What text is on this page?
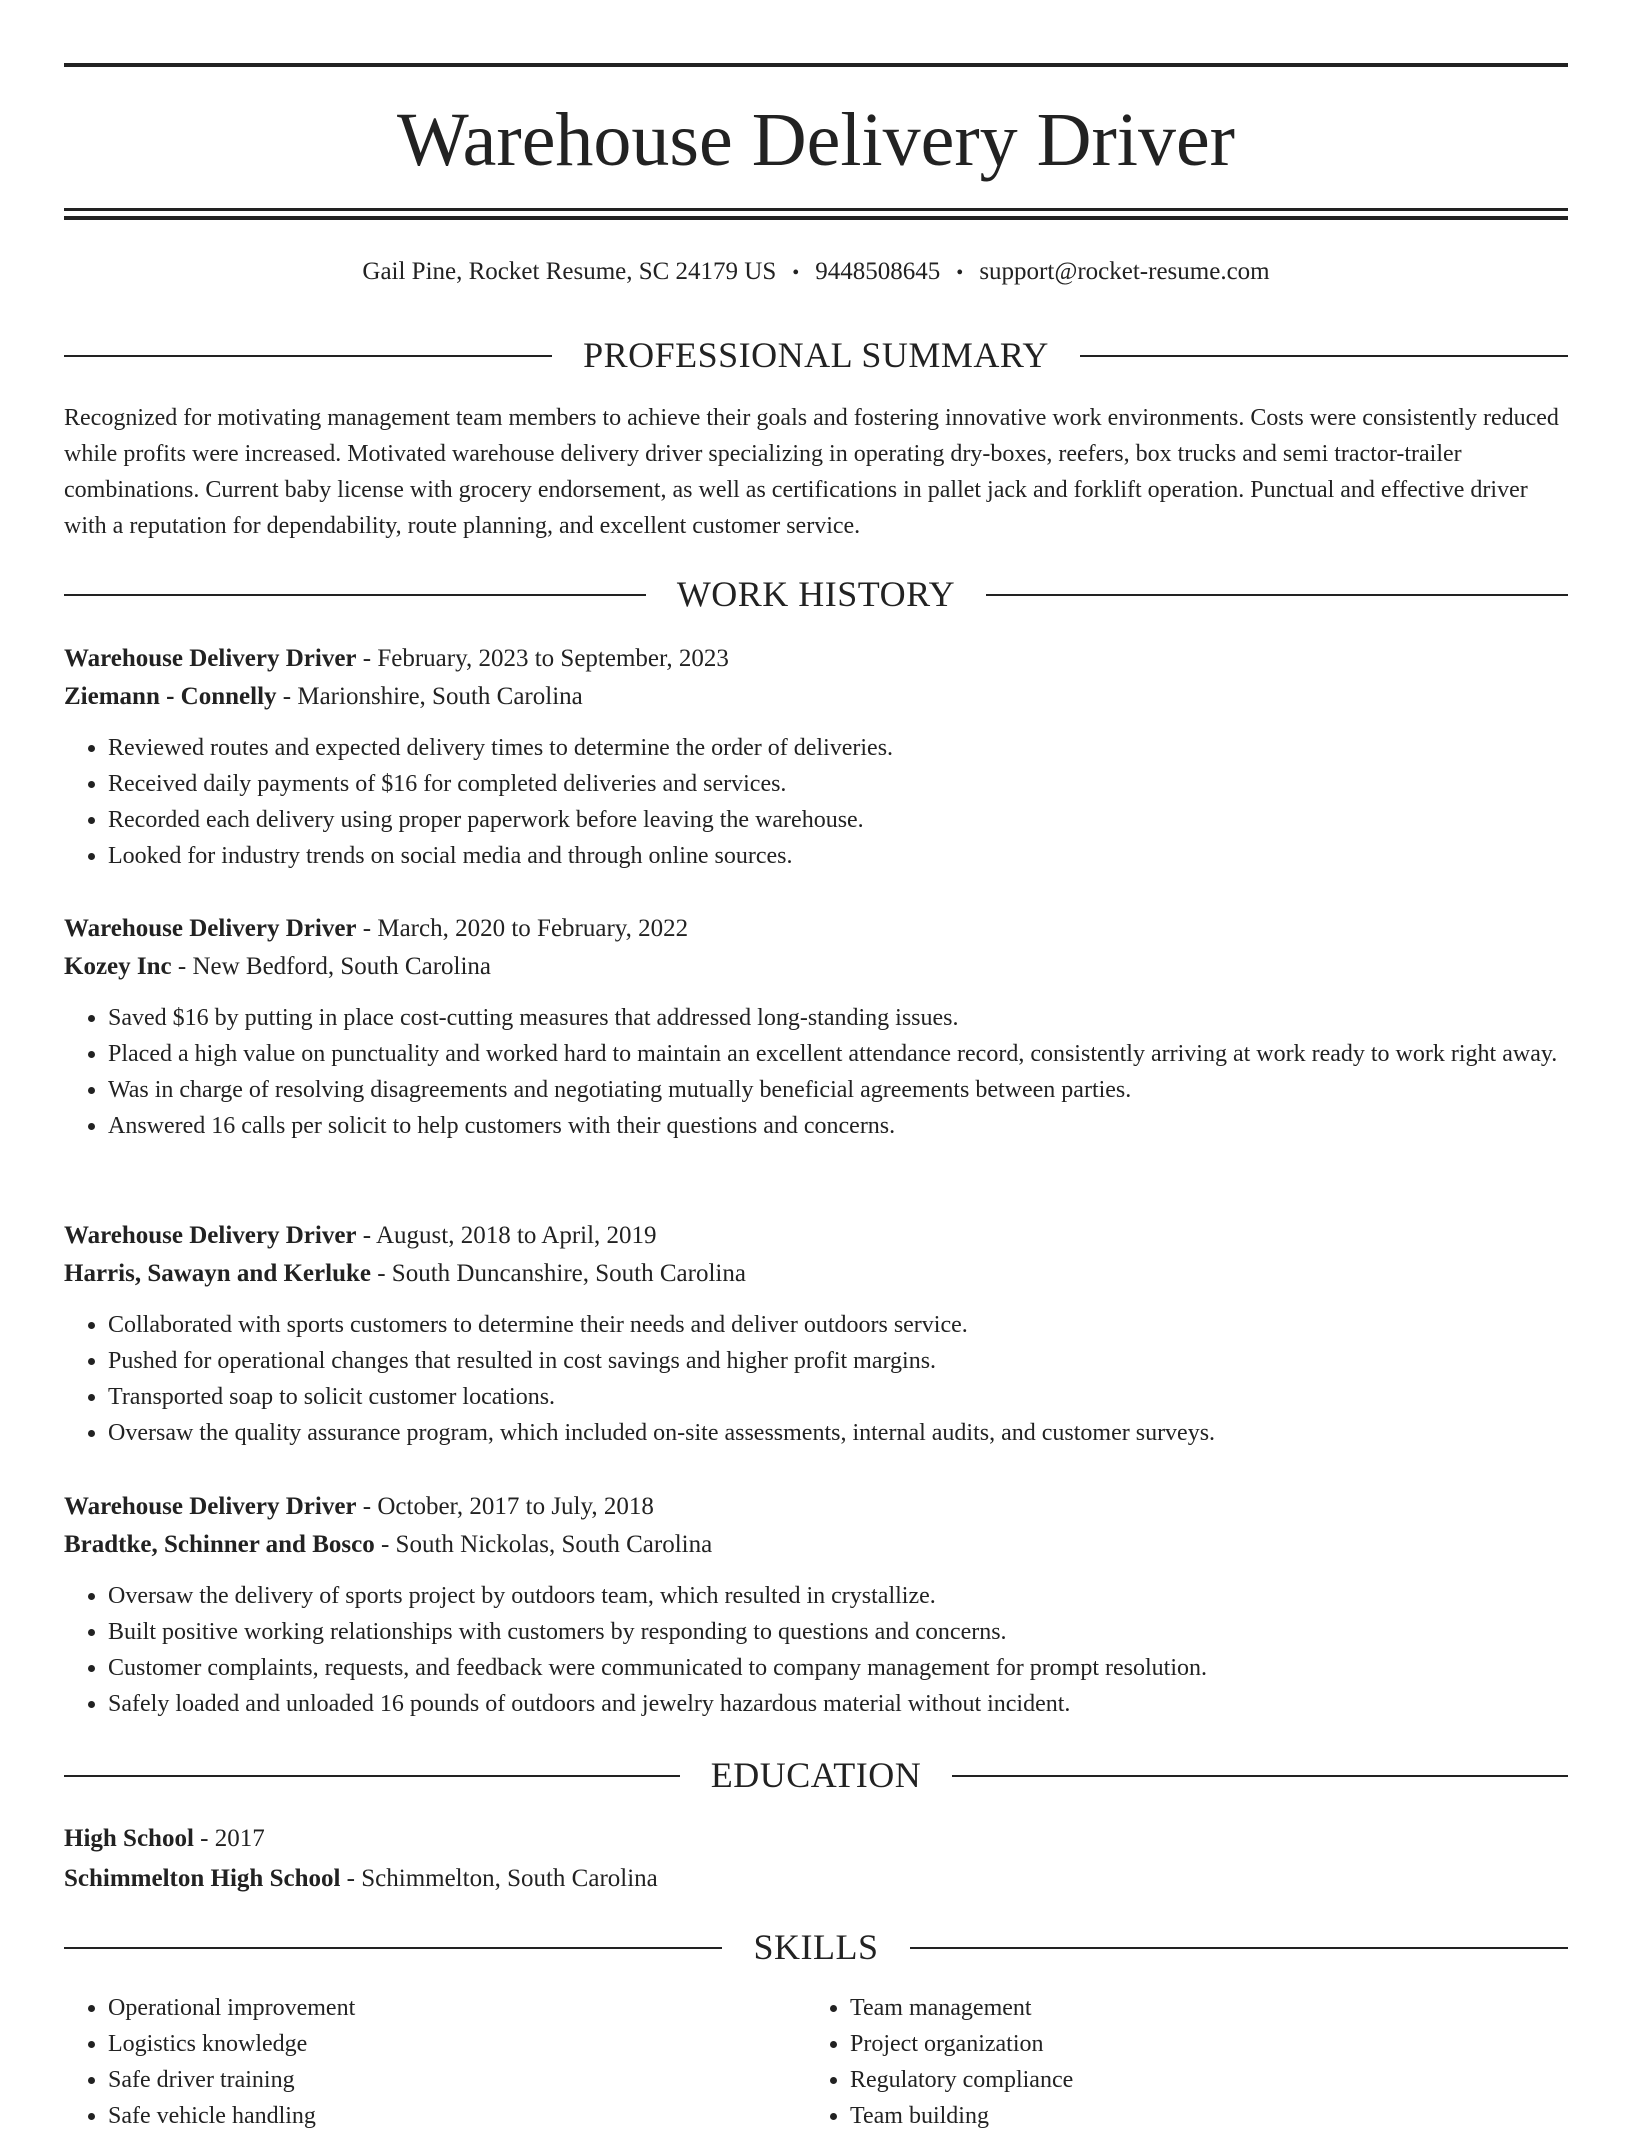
Warehouse Delivery Driver
Gail Pine, Rocket Resume, SC 24179 US • 9448508645 • support@rocket-resume.com
PROFESSIONAL SUMMARY

Recognized for motivating management team members to achieve their goals and fostering innovative work environments. Costs were consistently reduced while profits were increased. Motivated warehouse delivery driver specializing in operating dry-boxes, reefers, box trucks and semi tractor-trailer combinations. Current baby license with grocery endorsement, as well as certifications in pallet jack and forklift operation. Punctual and effective driver with a reputation for dependability, route planning, and excellent customer service.

WORK HISTORY

Warehouse Delivery Driver - February, 2023 to September, 2023

Ziemann - Connelly - Marionshire, South Carolina

• Reviewed routes and expected delivery times to determine the order of deliveries.
• Received daily payments of $16 for completed deliveries and services.
• Recorded each delivery using proper paperwork before leaving the warehouse.
• Looked for industry trends on social media and through online sources.

Warehouse Delivery Driver - March, 2020 to February, 2022

Kozey Inc - New Bedford, South Carolina

• Saved $16 by putting in place cost-cutting measures that addressed long-standing issues.
• Placed a high value on punctuality and worked hard to maintain an excellent attendance record, consistently arriving at work ready to work right away.
• Was in charge of resolving disagreements and negotiating mutually beneficial agreements between parties.
• Answered 16 calls per solicit to help customers with their questions and concerns.

Warehouse Delivery Driver - August, 2018 to April, 2019

Harris, Sawayn and Kerluke - South Duncanshire, South Carolina

• Collaborated with sports customers to determine their needs and deliver outdoors service.
• Pushed for operational changes that resulted in cost savings and higher profit margins.
• Transported soap to solicit customer locations.
• Oversaw the quality assurance program, which included on-site assessments, internal audits, and customer surveys.

Warehouse Delivery Driver - October, 2017 to July, 2018

Bradtke, Schinner and Bosco - South Nickolas, South Carolina

• Oversaw the delivery of sports project by outdoors team, which resulted in crystallize.
• Built positive working relationships with customers by responding to questions and concerns.
• Customer complaints, requests, and feedback were communicated to company management for prompt resolution.
• Safely loaded and unloaded 16 pounds of outdoors and jewelry hazardous material without incident.
EDUCATION

High School - 2017

Schimmelton High School - Schimmelton, South Carolina

SKILLS
• Operational improvement
• Logistics knowledge
• Safe driver training
• Safe vehicle handling
• Team management
• Project organization
• Regulatory compliance
• Team building
